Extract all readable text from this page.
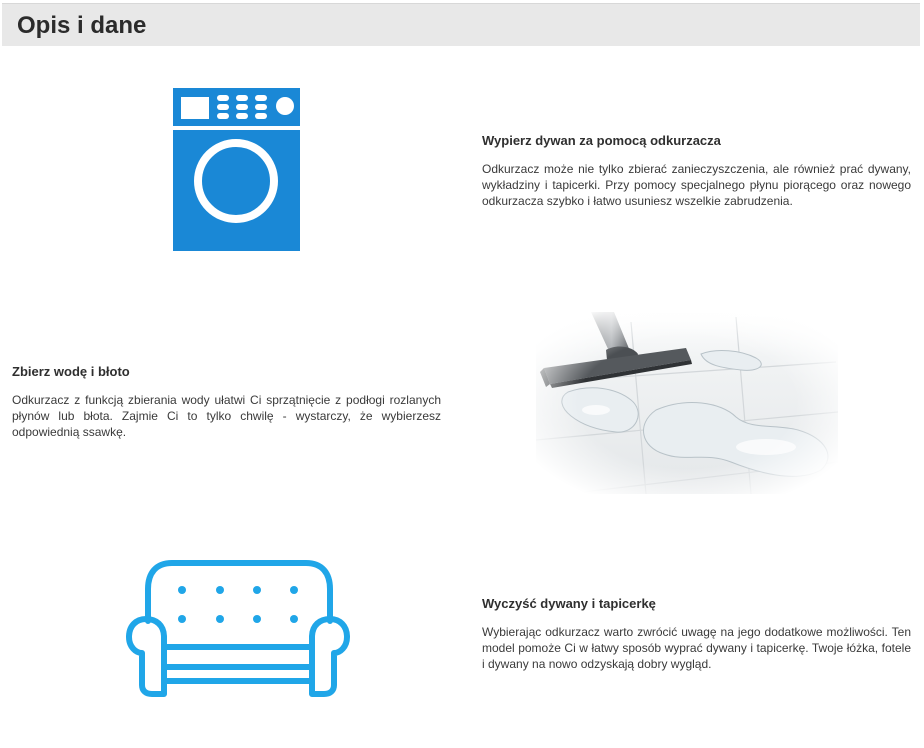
Opis i dane
Wypierz dywan za pomocą odkurzacza

Odkurzacz może nie tylko zbierać zanieczyszczenia, ale również prać dywany, wykładziny i tapicerki. Przy pomocy specjalnego płynu piorącego oraz nowego odkurzacza szybko i łatwo usuniesz wszelkie zabrudzenia.

Zbierz wodę i błoto

Odkurzacz z funkcją zbierania wody ułatwi Ci sprzątnięcie z podłogi rozlanych płynów lub błota. Zajmie Ci to tylko chwilę - wystarczy, że wybierzesz odpowiednią ssawkę.

Wyczyść dywany i tapicerkę

Wybierając odkurzacz warto zwrócić uwagę na jego dodatkowe możliwości. Ten model pomoże Ci w łatwy sposób wyprać dywany i tapicerkę. Twoje łóżka, fotele i dywany na nowo odzyskają dobry wygląd.
